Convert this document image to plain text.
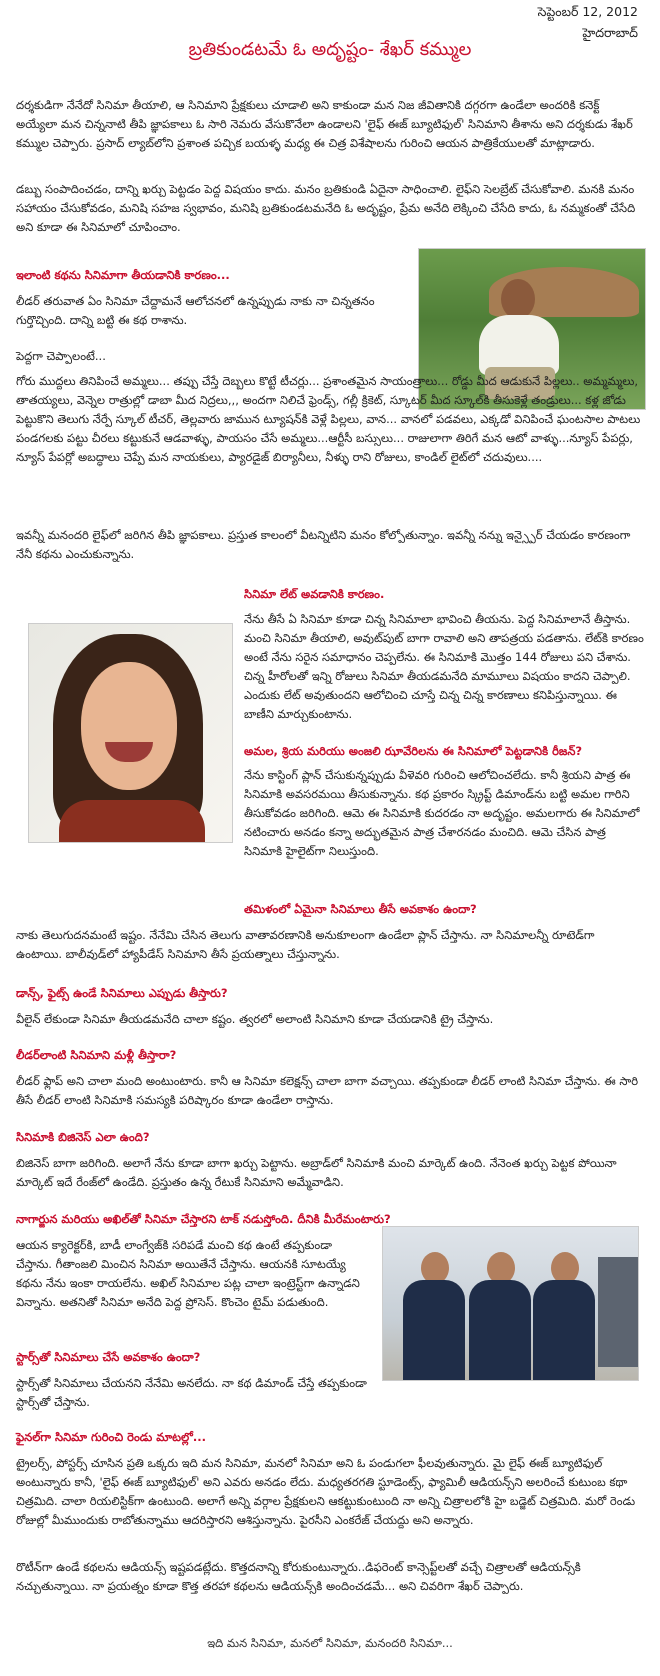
సెప్టెంబర్ 12, 2012
హైదరాబాద్
బ్రతికుండటమే ఓ అదృష్టం- శేఖర్ కమ్ముల

దర్శకుడిగా నేనేదో సినిమా తీయాలి, ఆ సినిమాని ప్రేక్షకులు చూడాలి అని కాకుండా మన నిజ జీవితానికి దగ్గరగా ఉండేలా అందరికి కనెక్ట్ అయ్యేలా మన చిన్ననాటి తీపి జ్ఞాపకాలు ఓ సారి నెమరు వేసుకొనేలా ఉండాలని 'లైఫ్ ఈజ్ బ్యూటిఫుల్' సినిమాని తీశాను అని దర్శకుడు శేఖర్ కమ్ముల చెప్పారు. ప్రసాద్ ల్యాబ్‌లోని ప్రశాంత పచ్చిక బయళ్ళ మధ్య ఈ చిత్ర విశేషాలను గురించి ఆయన పాత్రికేయులతో మాట్లాడారు.

డబ్బు సంపాదించడం, దాన్ని ఖర్చు పెట్టడం పెద్ద విషయం కాదు. మనం బ్రతికుండి ఏదైనా సాధించాలి. లైఫ్‌ని సెలబ్రేట్ చేసుకోవాలి. మనకి మనం సహాయం చేసుకోవడం, మనిషి సహజ స్వభావం, మనిషి బ్రతికుండటమనేది ఓ అదృష్టం, ప్రేమ అనేది లెక్కించి చేసేది కాదు, ఓ నమ్మకంతో చేసేది అని కూడా ఈ సినిమాలో చూపించాం.

ఇలాంటి కథను సినిమాగా తీయడానికి కారణం...

లీడర్ తరువాత ఏం సినిమా చేద్దామనే ఆలోచనలో ఉన్నప్పుడు నాకు నా చిన్నతనం గుర్తొచ్చింది. దాన్ని బట్టి ఈ కథ రాశాను.

పెద్దగా చెప్పాలంటే...

గోరు ముద్దలు తినిపించే అమ్మలు... తప్పు చేస్తే దెబ్బలు కొట్టే టీచర్లు... ప్రశాంతమైన సాయంత్రాలు... రోడ్డు మీద ఆడుకునే పిల్లలు.. అమ్మమ్మలు, తాతయ్యలు, వెన్నెల రాత్రుల్లో డాబా మీద నిద్రలు,,, అందగా నిలిచే ఫ్రెండ్స్, గల్లీ క్రికెట్, స్కూటర్ మీద స్కూల్‌కి తీసుకెళ్లే తండ్రులు... కళ్ల జోడు పెట్టుకొని తెలుగు నేర్పే స్కూల్ టీచర్, తెల్లవారు జామున ట్యూషన్‌కి వెళ్లే పిల్లలు, వాన... వానలో పడవలు, ఎక్కడో వినిపించే ఘంటసాల పాటలు పండగలకు పట్టు చీరలు కట్టుకునే ఆడవాళ్ళు, పాయసం చేసే అమ్మలు...ఆర్టీసీ బస్సులు... రాజులాగా తిరిగే మన ఆటో వాళ్ళు...న్యూస్ పేపర్లు, న్యూస్ పేపర్లో అబద్ధాలు చెప్పే మన నాయకులు, ప్యారడైజ్ బిర్యానీలు, నీళ్ళు రాని రోజులు, కాండిల్ లైట్‌లో చదువులు....

ఇవన్నీ మనందరి లైఫ్‌లో జరిగిన తీపి జ్ఞాపకాలు. ప్రస్తుత కాలంలో వీటన్నిటిని మనం కోల్పోతున్నాం. ఇవన్నీ నన్ను ఇన్స్పైర్ చేయడం కారణంగా నేనీ కథను ఎంచుకున్నాను.

సినిమా లేట్ అవడానికి కారణం.

నేను తీసే ఏ సినిమా కూడా చిన్న సినిమాలా భావించి తీయను. పెద్ద సినిమాలానే తీస్తాను. మంచి సినిమా తీయాలి, అవుట్‌పుట్ బాగా రావాలి అని తాపత్రయ పడతాను. లేట్‌కి కారణం అంటే నేను సరైన సమాధానం చెప్పలేను. ఈ సినిమాకి మొత్తం 144 రోజులు పని చేశాను. చిన్న హీరోలతో ఇన్ని రోజులు సినిమా తీయడమనేది మామూలు విషయం కాదని చెప్పాలి. ఎందుకు లేట్ అవుతుందని ఆలోచించి చూస్తే చిన్న చిన్న కారణాలు కనిపిస్తున్నాయి. ఈ బాణీని మార్చుకుంటాను.

అమల, శ్రియ మరియు అంజలి ఝావేరిలను ఈ సినిమాలో పెట్టడానికి రీజన్?

నేను కాస్టింగ్ ప్లాన్ చేసుకున్నప్పుడు వీళెవరి గురించి ఆలోచించలేదు. కానీ శ్రియని పాత్ర ఈ సినిమాకి అవసరమయి తీసుకున్నాను. కథ ప్రకారం స్క్రిప్ట్ డిమాండ్‌ను బట్టి అమల గారిని తీసుకోవడం జరిగింది. ఆమె ఈ సినిమాకి కుదరడం నా అదృష్టం. అమలగారు ఈ సినిమాలో నటించారు అనడం కన్నా అద్భుతమైన పాత్ర చేశారనడం మంచిది. ఆమె చేసిన పాత్ర సినిమాకి హైలైట్‌గా నిలుస్తుంది.

తమిళంలో ఏమైనా సినిమాలు తీసే అవకాశం ఉందా?

నాకు తెలుగుదనమంటే ఇష్టం. నేనేమి చేసిన తెలుగు వాతావరణానికి అనుకూలంగా ఉండేలా ప్లాన్ చేస్తాను. నా సినిమాలన్నీ రూటెడ్‌గా ఉంటాయి. బాలీవుడ్‌లో హ్యాపీడేస్ సినిమాని తీసే ప్రయత్నాలు చేస్తున్నాను.

డాన్స్, ఫైట్స్ ఉండే సినిమాలు ఎప్పుడు తీస్తారు?

వీలైన్ లేకుండా సినిమా తీయడమనేది చాలా కష్టం. త్వరలో అలాంటి సినిమాని కూడా చేయడానికి ట్రై చేస్తాను.

లీడర్‌లాంటి సినిమాని మళ్లీ తీస్తారా?

లీడర్ ఫ్లాప్ అని చాలా మంది అంటుంటారు. కానీ ఆ సినిమా కలెక్షన్స్ చాలా బాగా వచ్చాయి. తప్పకుండా లీడర్ లాంటి సినిమా చేస్తాను. ఈ సారి తీసే లీడర్ లాంటి సినిమాకి సమస్యకి పరిష్కారం కూడా ఉండేలా రాస్తాను.

సినిమాకి బిజినెస్ ఎలా ఉంది?

బిజినెస్ బాగా జరిగింది. అలాగే నేను కూడా బాగా ఖర్చు పెట్టాను. అబ్రాడ్‌లో సినిమాకి మంచి మార్కెట్ ఉంది. నేనెంత ఖర్చు పెట్టక పోయినా మార్కెట్ ఇదే రేంజ్‌లో ఉండేది. ప్రస్తుతం ఉన్న రేటుకే సినిమాని అమ్మేవాడిని.

నాగార్జున మరియు అఖిల్‌తో సినిమా చేస్తారని టాక్ నడుస్తోంది. దీనికి మీరేమంటారు?

ఆయన క్యారెక్టర్‌కి, బాడీ లాంగ్వేజ్‌కి సరిపడే మంచి కథ ఉంటే తప్పకుండా చేస్తాను. గీతాంజలి మించిన సినిమా అయితేనే చేస్తాను. ఆయనకి సూటయ్యే కథను నేను ఇంకా రాయలేను. అఖిల్ సినిమాల పట్ల చాలా ఇంట్రెస్ట్‌గా ఉన్నాడని విన్నాను. అతనితో సినిమా అనేది పెద్ద ప్రోసెస్. కొంచెం టైమ్ పడుతుంది.

స్టార్స్‌తో సినిమాలు చేసే అవకాశం ఉందా?

స్టార్స్‌తో సినిమాలు చేయనని నేనేమి అనలేదు. నా కథ డిమాండ్ చేస్తే తప్పకుండా స్టార్స్‌తో చేస్తాను.

ఫైనల్‌గా సినిమా గురించి రెండు మాటల్లో...

ట్రైలర్స్, పోస్టర్స్ చూసిన ప్రతి ఒక్కరు ఇది మన సినిమా, మనలో సినిమా అని ఓ పండుగలా ఫీలవుతున్నారు. మై లైఫ్ ఈజ్ బ్యూటిఫుల్ అంటున్నారు కానీ, 'లైఫ్ ఈజ్ బ్యూటిఫుల్' అని ఎవరు అనడం లేదు. మధ్యతరగతి స్టూడెంట్స్, ఫ్యామిలీ ఆడియన్స్‌ని అలరించే కుటుంబ కథా చిత్రమిది. చాలా రియలిస్టిక్‌గా ఉంటుంది. అలాగే అన్ని వర్గాల ప్రేక్షకులని ఆకట్టుకుంటుంది నా అన్ని చిత్రాలలోకి హై బడ్జెట్ చిత్రమిది. మరో రెండు రోజుల్లో మీముందుకు రాబోతున్నాము ఆదరిస్తారని ఆశిస్తున్నాను. పైరసీని ఎంకరేజ్ చేయద్దు అని అన్నారు.

రొటీన్‌గా ఉండే కథలను ఆడియన్స్ ఇష్టపడట్లేదు. కొత్తదనాన్ని కోరుకుంటున్నారు..డిఫరెంట్ కాన్సెప్ట్‌లతో వచ్చే చిత్రాలతో ఆడియన్స్‌కి నచ్చుతున్నాయి. నా ప్రయత్నం కూడా కొత్త తరహా కథలను ఆడియన్స్‌కి అందించడమే... అని చివరిగా శేఖర్ చెప్పారు.

ఇది మన సినిమా, మనలో సినిమా, మనందరి సినిమా...
